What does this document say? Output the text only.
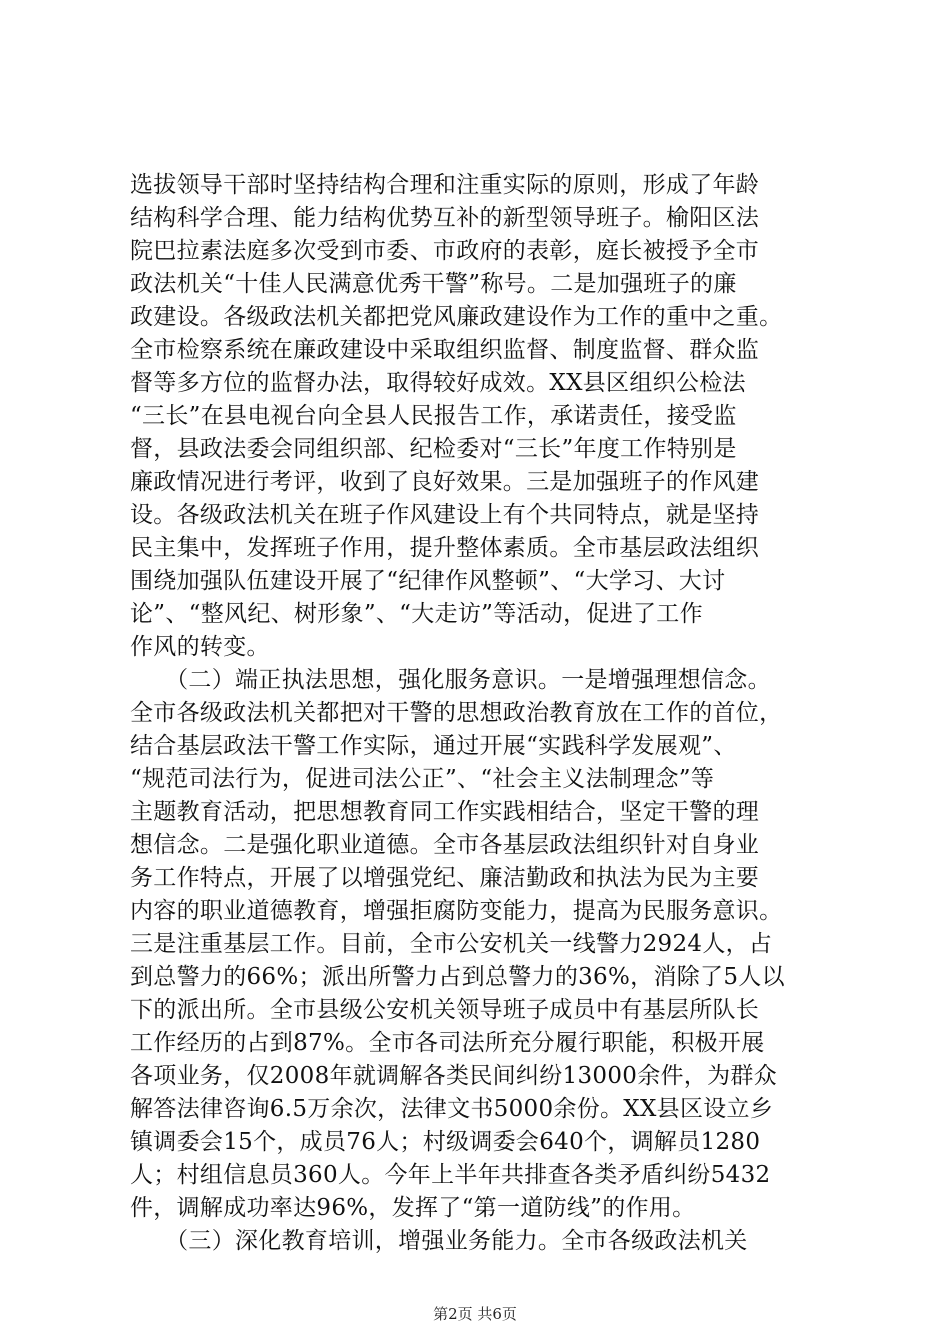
选拔领导干部时坚持结构合理和注重实际的原则，形成了年龄
结构科学合理、能力结构优势互补的新型领导班子。榆阳区法
院巴拉素法庭多次受到市委、市政府的表彰，庭长被授予全市
政法机关“十佳人民满意优秀干警”称号。二是加强班子的廉
政建设。各级政法机关都把党风廉政建设作为工作的重中之重。
全市检察系统在廉政建设中采取组织监督、制度监督、群众监
督等多方位的监督办法，取得较好成效。XX县区组织公检法
“三长”在县电视台向全县人民报告工作，承诺责任，接受监
督，县政法委会同组织部、纪检委对“三长”年度工作特别是
廉政情况进行考评，收到了良好效果。三是加强班子的作风建
设。各级政法机关在班子作风建设上有个共同特点，就是坚持
民主集中，发挥班子作用，提升整体素质。全市基层政法组织
围绕加强队伍建设开展了“纪律作风整顿”、“大学习、大讨
论”、“整风纪、树形象”、“大走访”等活动，促进了工作
作风的转变。
　　（二）端正执法思想，强化服务意识。一是增强理想信念。
全市各级政法机关都把对干警的思想政治教育放在工作的首位，
结合基层政法干警工作实际，通过开展“实践科学发展观”、
“规范司法行为，促进司法公正”、“社会主义法制理念”等
主题教育活动，把思想教育同工作实践相结合，坚定干警的理
想信念。二是强化职业道德。全市各基层政法组织针对自身业
务工作特点，开展了以增强党纪、廉洁勤政和执法为民为主要
内容的职业道德教育，增强拒腐防变能力，提高为民服务意识。
三是注重基层工作。目前，全市公安机关一线警力2924人，占
到总警力的66%；派出所警力占到总警力的36%，消除了5人以
下的派出所。全市县级公安机关领导班子成员中有基层所队长
工作经历的占到87%。全市各司法所充分履行职能，积极开展
各项业务，仅2008年就调解各类民间纠纷13000余件，为群众
解答法律咨询6.5万余次，法律文书5000余份。XX县区设立乡
镇调委会15个，成员76人；村级调委会640个，调解员1280
人；村组信息员360人。今年上半年共排查各类矛盾纠纷5432
件，调解成功率达96%，发挥了“第一道防线”的作用。
　　（三）深化教育培训，增强业务能力。全市各级政法机关
第2页 共6页
